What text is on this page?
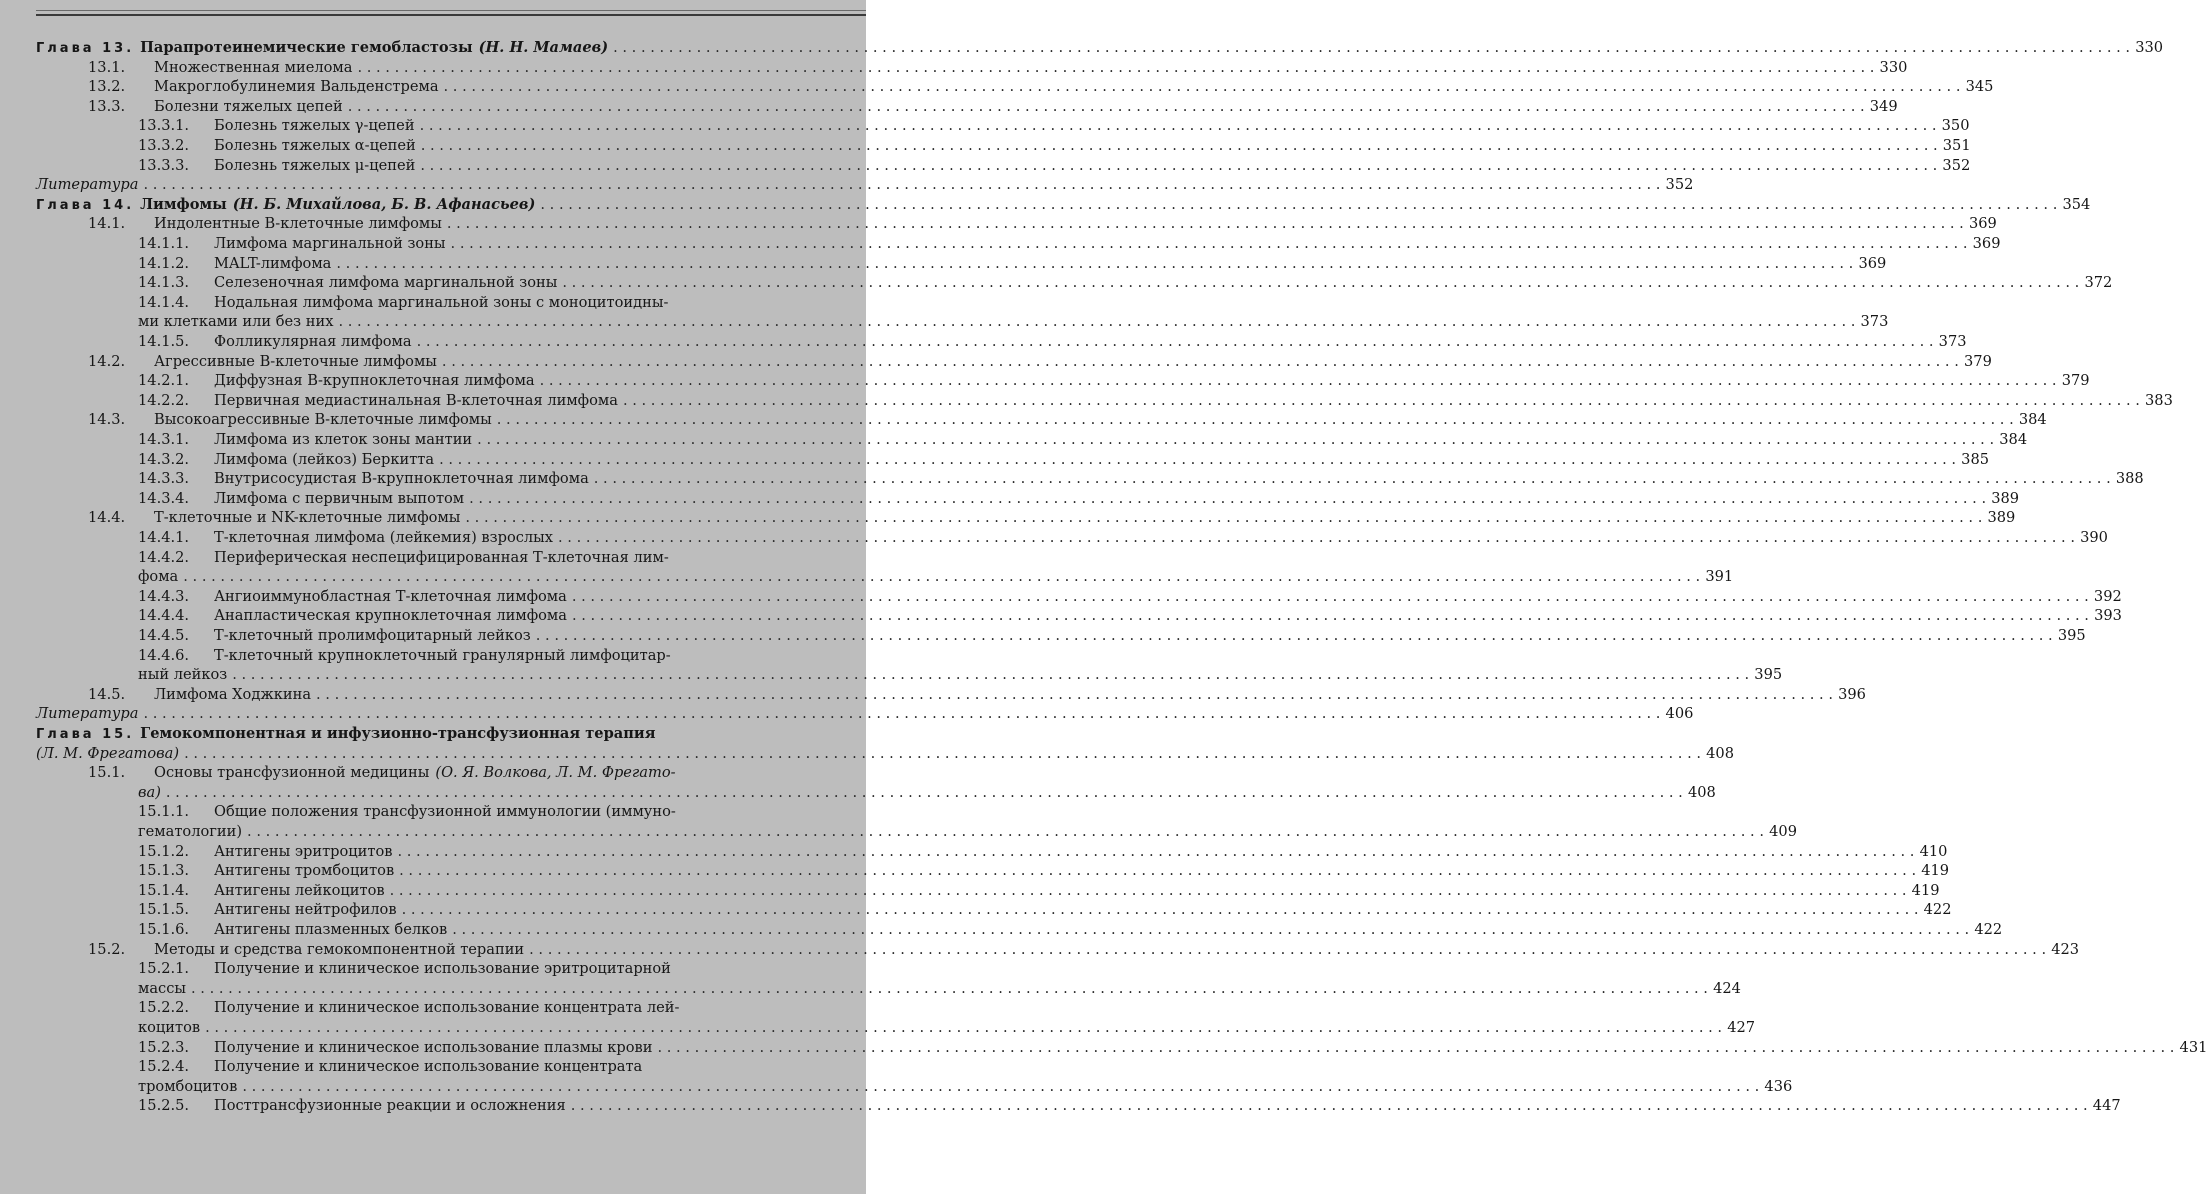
Глава 13. Парапротеинемические гемобластозы (Н. Н. Мамаев) . . .	330
13.1.	Множественная миелома . . .	330
13.2.	Макроглобулинемия Вальденстрема . . .	345
13.3.	Болезни тяжелых цепей . . .	349
13.3.1.	Болезнь тяжелых γ-цепей . . .	350
13.3.2.	Болезнь тяжелых α-цепей . . .	351
13.3.3.	Болезнь тяжелых μ-цепей . . .	352
Литература . . .	352
Глава 14. Лимфомы (Н. Б. Михайлова, Б. В. Афанасьев) . . .	354
14.1.	Индолентные В-клеточные лимфомы . . .	369
14.1.1.	Лимфома маргинальной зоны . . .	369
14.1.2.	MALT-лимфома . . .	369
14.1.3.	Селезеночная лимфома маргинальной зоны . . .	372
14.1.4.	Нодальная лимфома маргинальной зоны с моноцитоидны-
ми клетками или без них . . .	373
14.1.5.	Фолликулярная лимфома . . .	373
14.2.	Агрессивные В-клеточные лимфомы . . .	379
14.2.1.	Диффузная В-крупноклеточная лимфома . . .	379
14.2.2.	Первичная медиастинальная В-клеточная лимфома . . .	383
14.3.	Высокоагрессивные В-клеточные лимфомы . . .	384
14.3.1.	Лимфома из клеток зоны мантии . . .	384
14.3.2.	Лимфома (лейкоз) Беркитта . . .	385
14.3.3.	Внутрисосудистая В-крупноклеточная лимфома . . .	388
14.3.4.	Лимфома с первичным выпотом . . .	389
14.4.	Т-клеточные и NK-клеточные лимфомы . . .	389
14.4.1.	Т-клеточная лимфома (лейкемия) взрослых . . .	390
14.4.2.	Периферическая неспецифицированная Т-клеточная лим-
фома . . .	391
14.4.3.	Ангиоиммунобластная Т-клеточная лимфома . . .	392
14.4.4.	Анапластическая крупноклеточная лимфома . . .	393
14.4.5.	Т-клеточный пролимфоцитарный лейкоз . . .	395
14.4.6.	Т-клеточный крупноклеточный гранулярный лимфоцитар-
ный лейкоз . . .	395
14.5.	Лимфома Ходжкина . . .	396
Литература . . .	406
Глава 15. Гемокомпонентная и инфузионно-трансфузионная терапия
(Л. М. Фрегатова) . . .	408
15.1.	Основы трансфузионной медицины (О. Я. Волкова, Л. М. Фрегато-
ва) . . .	408
15.1.1.	Общие положения трансфузионной иммунологии (иммуно-
гематологии) . . .	409
15.1.2.	Антигены эритроцитов . . .	410
15.1.3.	Антигены тромбоцитов . . .	419
15.1.4.	Антигены лейкоцитов . . .	419
15.1.5.	Антигены нейтрофилов . . .	422
15.1.6.	Антигены плазменных белков . . .	422
15.2.	Методы и средства гемокомпонентной терапии . . .	423
15.2.1.	Получение и клиническое использование эритроцитарной
массы . . .	424
15.2.2.	Получение и клиническое использование концентрата лей-
коцитов . . .	427
15.2.3.	Получение и клиническое использование плазмы крови . . .	431
15.2.4.	Получение и клиническое использование концентрата
тромбоцитов . . .	436
15.2.5.	Посттрансфузионные реакции и осложнения . . .	447
